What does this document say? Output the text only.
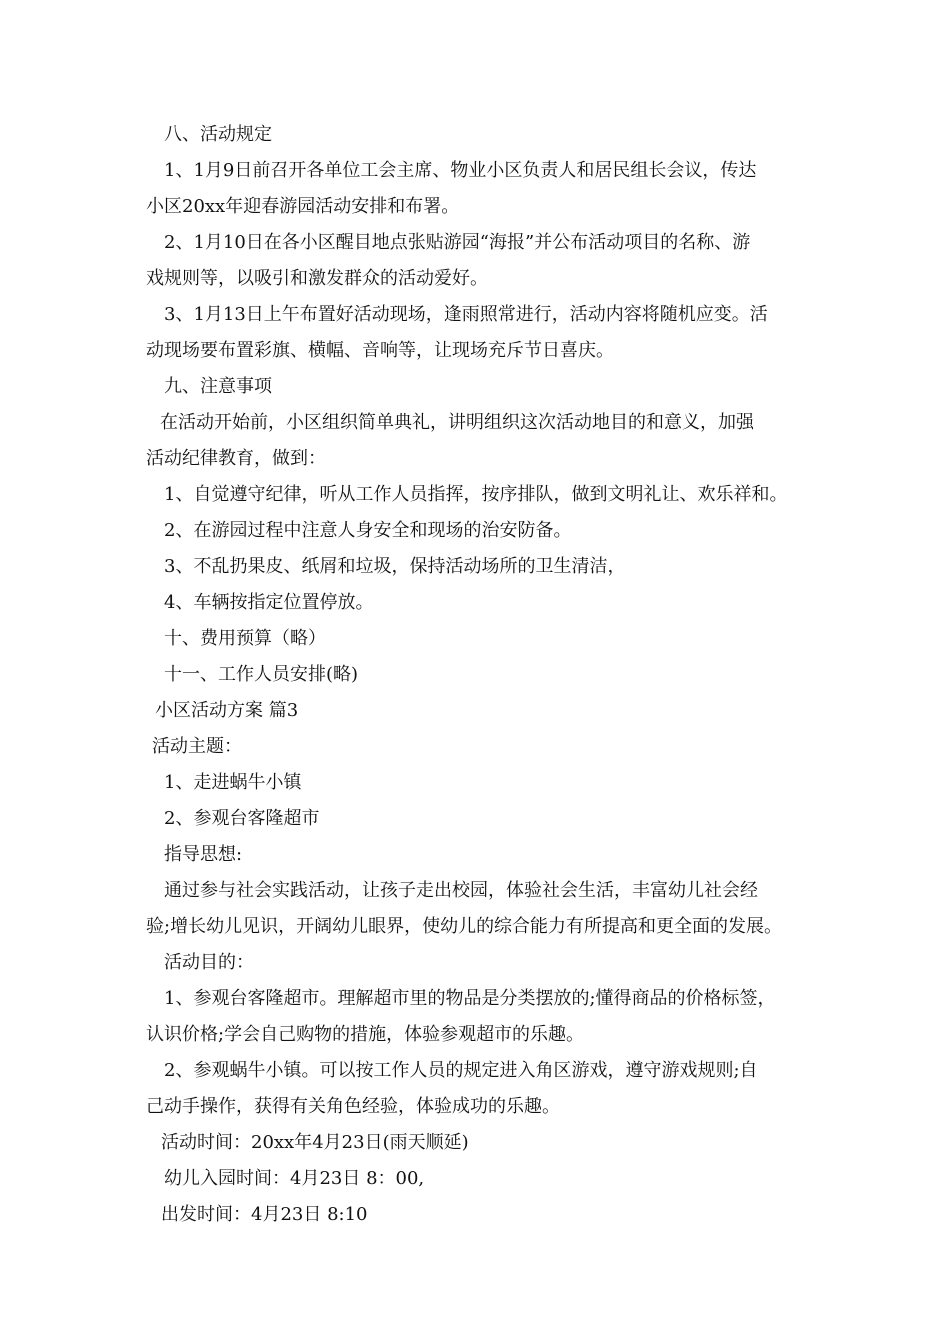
八、活动规定
1、1月9日前召开各单位工会主席、物业小区负责人和居民组长会议，传达
小区20xx年迎春游园活动安排和布署。
2、1月10日在各小区醒目地点张贴游园“海报”并公布活动项目的名称、游
戏规则等，以吸引和激发群众的活动爱好。
3、1月13日上午布置好活动现场，逢雨照常进行，活动内容将随机应变。活
动现场要布置彩旗、横幅、音响等，让现场充斥节日喜庆。
九、注意事项
在活动开始前，小区组织简单典礼，讲明组织这次活动地目的和意义，加强
活动纪律教育，做到：
1、自觉遵守纪律，听从工作人员指挥，按序排队，做到文明礼让、欢乐祥和。
2、在游园过程中注意人身安全和现场的治安防备。
3、不乱扔果皮、纸屑和垃圾，保持活动场所的卫生清洁，
4、车辆按指定位置停放。
十、费用预算（略）
十一、工作人员安排(略)
小区活动方案 篇3
活动主题：
1、走进蜗牛小镇
2、参观台客隆超市
指导思想:
通过参与社会实践活动，让孩子走出校园，体验社会生活，丰富幼儿社会经
验;增长幼儿见识，开阔幼儿眼界，使幼儿的综合能力有所提高和更全面的发展。
活动目的：
1、参观台客隆超市。理解超市里的物品是分类摆放的;懂得商品的价格标签，
认识价格;学会自己购物的措施，体验参观超市的乐趣。
2、参观蜗牛小镇。可以按工作人员的规定进入角区游戏，遵守游戏规则;自
己动手操作，获得有关角色经验，体验成功的乐趣。
活动时间：20xx年4月23日(雨天顺延)
幼儿入园时间：4月23日 8：00,
出发时间：4月23日 8:10
